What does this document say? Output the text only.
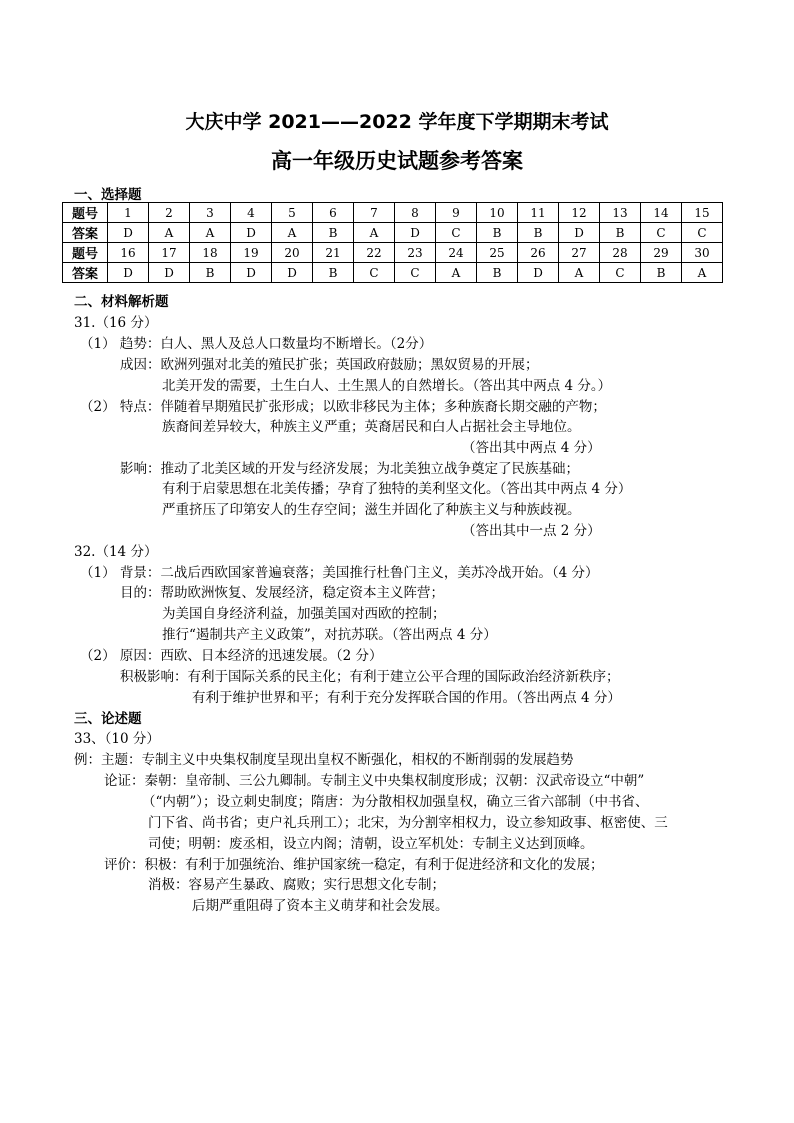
大庆中学 2021——2022 学年度下学期期末考试
高一年级历史试题参考答案
一、选择题
题号	1	2	3	4	5	6	7	8	9	10	11	12	13	14	15
答案	D	A	A	D	A	B	A	D	C	B	B	D	B	C	C
题号	16	17	18	19	20	21	22	23	24	25	26	27	28	29	30
答案	D	D	B	D	D	B	C	C	A	B	D	A	C	B	A
二、材料解析题
31.（16 分）
（1） 趋势：白人、黑人及总人口数量均不断增长。（2分）
成因：欧洲列强对北美的殖民扩张；英国政府鼓励；黑奴贸易的开展；
北美开发的需要，土生白人、土生黑人的自然增长。（答出其中两点 4 分。）
（2） 特点：伴随着早期殖民扩张形成；以欧非移民为主体；多种族裔长期交融的产物；
族裔间差异较大，种族主义严重；英裔居民和白人占据社会主导地位。
（答出其中两点 4 分）
影响：推动了北美区域的开发与经济发展；为北美独立战争奠定了民族基础；
有利于启蒙思想在北美传播；孕育了独特的美利坚文化。（答出其中两点 4 分）
严重挤压了印第安人的生存空间；滋生并固化了种族主义与种族歧视。
（答出其中一点 2 分）
32.（14 分）
（1） 背景：二战后西欧国家普遍衰落；美国推行杜鲁门主义，美苏冷战开始。（4 分）
目的：帮助欧洲恢复、发展经济，稳定资本主义阵营；
为美国自身经济利益，加强美国对西欧的控制；
推行“遏制共产主义政策”，对抗苏联。（答出两点 4 分）
（2） 原因：西欧、日本经济的迅速发展。（2 分）
积极影响：有利于国际关系的民主化；有利于建立公平合理的国际政治经济新秩序；
有利于维护世界和平；有利于充分发挥联合国的作用。（答出两点 4 分）
三、论述题
33、（10 分）
例：主题：专制主义中央集权制度呈现出皇权不断强化，相权的不断削弱的发展趋势
论证：秦朝：皇帝制、三公九卿制。专制主义中央集权制度形成；汉朝：汉武帝设立“中朝”
（“内朝”）；设立刺史制度；隋唐：为分散相权加强皇权，确立三省六部制（中书省、
门下省、尚书省；吏户礼兵刑工）；北宋，为分割宰相权力，设立参知政事、枢密使、三
司使；明朝：废丞相，设立内阁；清朝，设立军机处：专制主义达到顶峰。
评价：积极：有利于加强统治、维护国家统一稳定，有利于促进经济和文化的发展；
消极：容易产生暴政、腐败；实行思想文化专制；
后期严重阻碍了资本主义萌芽和社会发展。
